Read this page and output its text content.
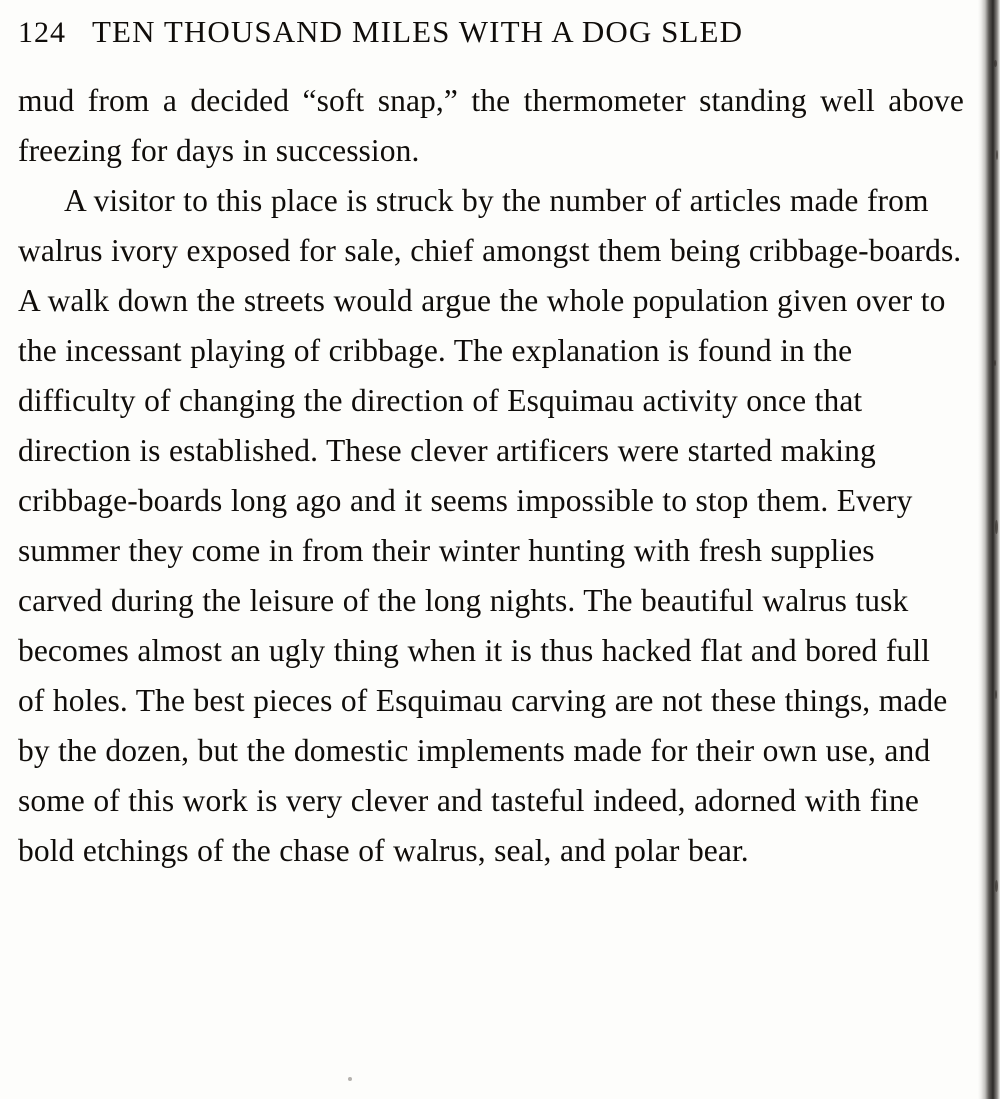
124 TEN THOUSAND MILES WITH A DOG SLED

mud from a decided “soft snap,” the thermometer standing well above freezing for days in succession.

A visitor to this place is struck by the number of articles made from walrus ivory exposed for sale, chief amongst them being cribbage-boards. A walk down the streets would argue the whole population given over to the incessant playing of cribbage. The explanation is found in the difficulty of changing the direction of Esquimau activity once that direction is established. These clever artificers were started making cribbage-boards long ago and it seems impossible to stop them. Every summer they come in from their winter hunting with fresh supplies carved during the leisure of the long nights. The beautiful walrus tusk becomes almost an ugly thing when it is thus hacked flat and bored full of holes. The best pieces of Esquimau carving are not these things, made by the dozen, but the domestic implements made for their own use, and some of this work is very clever and tasteful indeed, adorned with fine bold etchings of the chase of walrus, seal, and polar bear.
